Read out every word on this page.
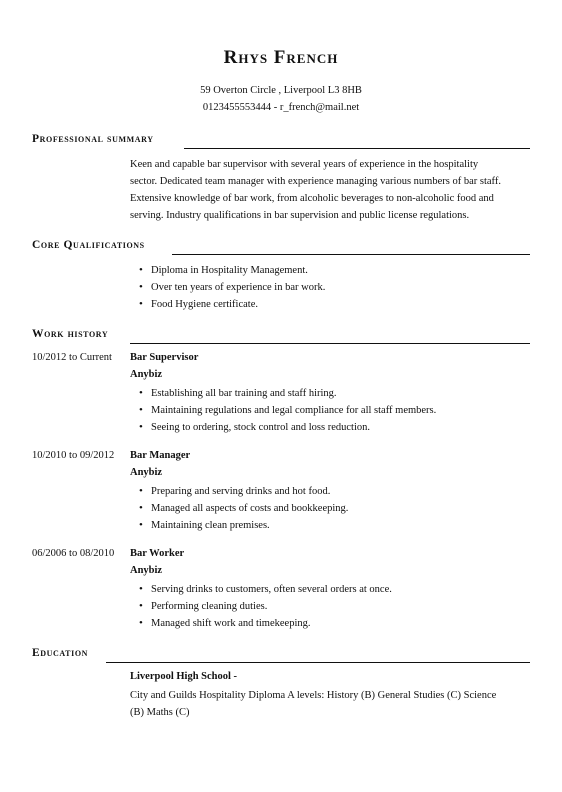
Rhys French
59 Overton Circle , Liverpool L3 8HB
0123455553444 - r_french@mail.net
Professional summary
Keen and capable bar supervisor with several years of experience in the hospitality
sector. Dedicated team manager with experience managing various numbers of bar staff.
Extensive knowledge of bar work, from alcoholic beverages to non-alcoholic food and
serving. Industry qualifications in bar supervision and public license regulations.
Core Qualifications
• Diploma in Hospitality Management.
• Over ten years of experience in bar work.
• Food Hygiene certificate.
Work history
10/2012 to Current Bar Supervisor
Anybiz
• Establishing all bar training and staff hiring.
• Maintaining regulations and legal compliance for all staff members.
• Seeing to ordering, stock control and loss reduction.
10/2010 to 09/2012 Bar Manager
Anybiz
• Preparing and serving drinks and hot food.
• Managed all aspects of costs and bookkeeping.
• Maintaining clean premises.
06/2006 to 08/2010 Bar Worker
Anybiz
• Serving drinks to customers, often several orders at once.
• Performing cleaning duties.
• Managed shift work and timekeeping.
Education
Liverpool High School -
City and Guilds Hospitality Diploma A levels: History (B) General Studies (C) Science
(B) Maths (C)
